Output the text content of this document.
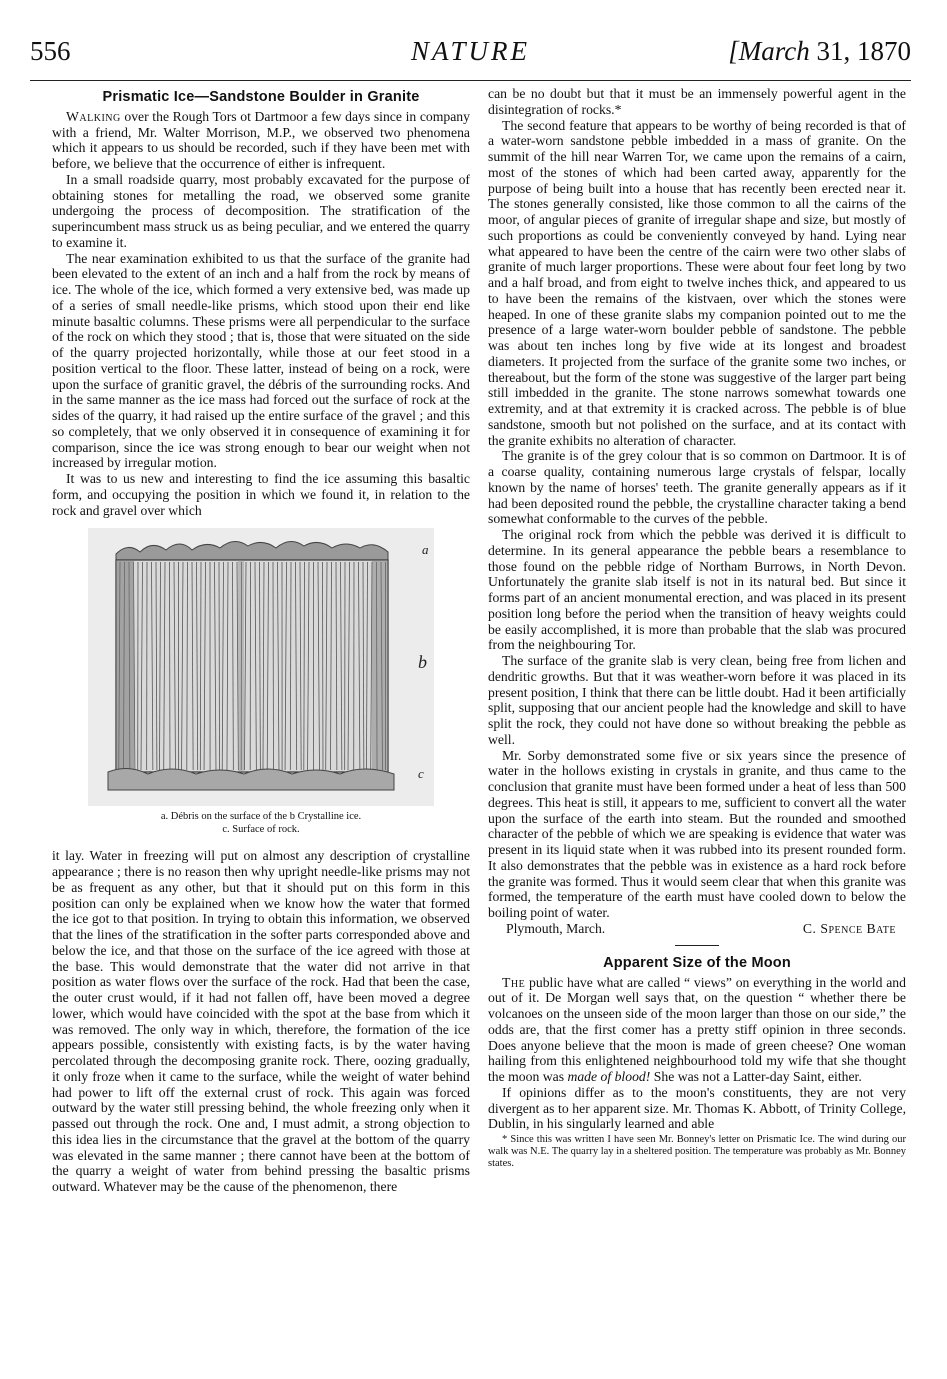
556	NATURE	[March 31, 1870
Prismatic Ice—Sandstone Boulder in Granite

Walking over the Rough Tors ot Dartmoor a few days since in company with a friend, Mr. Walter Morrison, M.P., we observed two phenomena which it appears to us should be recorded, such if they have been met with before, we believe that the occurrence of either is infrequent.

In a small roadside quarry, most probably excavated for the purpose of obtaining stones for metalling the road, we observed some granite undergoing the process of decomposition. The stratification of the superincumbent mass struck us as being peculiar, and we entered the quarry to examine it.

The near examination exhibited to us that the surface of the granite had been elevated to the extent of an inch and a half from the rock by means of ice. The whole of the ice, which formed a very extensive bed, was made up of a series of small needle-like prisms, which stood upon their end like minute basaltic columns. These prisms were all perpendicular to the surface of the rock on which they stood ; that is, those that were situated on the side of the quarry projected horizontally, while those at our feet stood in a position vertical to the floor. These latter, instead of being on a rock, were upon the surface of granitic gravel, the débris of the surrounding rocks. And in the same manner as the ice mass had forced out the surface of rock at the sides of the quarry, it had raised up the entire surface of the gravel ; and this so completely, that we only observed it in consequence of examining it for comparison, since the ice was strong enough to bear our weight when not increased by irregular motion.

It was to us new and interesting to find the ice assuming this basaltic form, and occupying the position in which we found it, in relation to the rock and gravel over which

a
b
c
a. Débris on the surface of the b Crystalline ice.
c. Surface of rock.

it lay. Water in freezing will put on almost any description of crystalline appearance ; there is no reason then why upright needle-like prisms may not be as frequent as any other, but that it should put on this form in this position can only be explained when we know how the water that formed the ice got to that position. In trying to obtain this information, we observed that the lines of the stratification in the softer parts corresponded above and below the ice, and that those on the surface of the ice agreed with those at the base. This would demonstrate that the water did not arrive in that position as water flows over the surface of the rock. Had that been the case, the outer crust would, if it had not fallen off, have been moved a degree lower, which would have coincided with the spot at the base from which it was removed. The only way in which, therefore, the formation of the ice appears possible, consistently with existing facts, is by the water having percolated through the decomposing granite rock. There, oozing gradually, it only froze when it came to the surface, while the weight of water behind had power to lift off the external crust of rock. This again was forced outward by the water still pressing behind, the whole freezing only when it passed out through the rock. One and, I must admit, a strong objection to this idea lies in the circumstance that the gravel at the bottom of the quarry was elevated in the same manner ; there cannot have been at the bottom of the quarry a weight of water from behind pressing the basaltic prisms outward. Whatever may be the cause of the phenomenon, there

can be no doubt but that it must be an immensely powerful agent in the disintegration of rocks.*

The second feature that appears to be worthy of being recorded is that of a water-worn sandstone pebble imbedded in a mass of granite. On the summit of the hill near Warren Tor, we came upon the remains of a cairn, most of the stones of which had been carted away, apparently for the purpose of being built into a house that has recently been erected near it. The stones generally consisted, like those common to all the cairns of the moor, of angular pieces of granite of irregular shape and size, but mostly of such proportions as could be conveniently conveyed by hand. Lying near what appeared to have been the centre of the cairn were two other slabs of granite of much larger proportions. These were about four feet long by two and a half broad, and from eight to twelve inches thick, and appeared to us to have been the remains of the kistvaen, over which the stones were heaped. In one of these granite slabs my companion pointed out to me the presence of a large water-worn boulder pebble of sandstone. The pebble was about ten inches long by five wide at its longest and broadest diameters. It projected from the surface of the granite some two inches, or thereabout, but the form of the stone was suggestive of the larger part being still imbedded in the granite. The stone narrows somewhat towards one extremity, and at that extremity it is cracked across. The pebble is of blue sandstone, smooth but not polished on the surface, and at its contact with the granite exhibits no alteration of character.

The granite is of the grey colour that is so common on Dartmoor. It is of a coarse quality, containing numerous large crystals of felspar, locally known by the name of horses' teeth. The granite generally appears as if it had been deposited round the pebble, the crystalline character taking a bend somewhat conformable to the curves of the pebble.

The original rock from which the pebble was derived it is difficult to determine. In its general appearance the pebble bears a resemblance to those found on the pebble ridge of Northam Burrows, in North Devon. Unfortunately the granite slab itself is not in its natural bed. But since it forms part of an ancient monumental erection, and was placed in its present position long before the period when the transition of heavy weights could be easily accomplished, it is more than probable that the slab was procured from the neighbouring Tor.

The surface of the granite slab is very clean, being free from lichen and dendritic growths. But that it was weather-worn before it was placed in its present position, I think that there can be little doubt. Had it been artificially split, supposing that our ancient people had the knowledge and skill to have split the rock, they could not have done so without breaking the pebble as well.

Mr. Sorby demonstrated some five or six years since the presence of water in the hollows existing in crystals in granite, and thus came to the conclusion that granite must have been formed under a heat of less than 500 degrees. This heat is still, it appears to me, sufficient to convert all the water upon the surface of the earth into steam. But the rounded and smoothed character of the pebble of which we are speaking is evidence that water was present in its liquid state when it was rubbed into its present rounded form. It also demonstrates that the pebble was in existence as a hard rock before the granite was formed. Thus it would seem clear that when this granite was formed, the temperature of the earth must have cooled down to below the boiling point of water.

Plymouth, March.	C. Spence Bate
Apparent Size of the Moon

The public have what are called “ views” on everything in the world and out of it. De Morgan well says that, on the question “ whether there be volcanoes on the unseen side of the moon larger than those on our side,” the odds are, that the first comer has a pretty stiff opinion in three seconds. Does anyone believe that the moon is made of green cheese? One woman hailing from this enlightened neighbourhood told my wife that she thought the moon was made of blood! She was not a Latter-day Saint, either.

If opinions differ as to the moon's constituents, they are not very divergent as to her apparent size. Mr. Thomas K. Abbott, of Trinity College, Dublin, in his singularly learned and able

* Since this was written I have seen Mr. Bonney's letter on Prismatic Ice. The wind during our walk was N.E. The quarry lay in a sheltered position. The temperature was probably as Mr. Bonney states.
